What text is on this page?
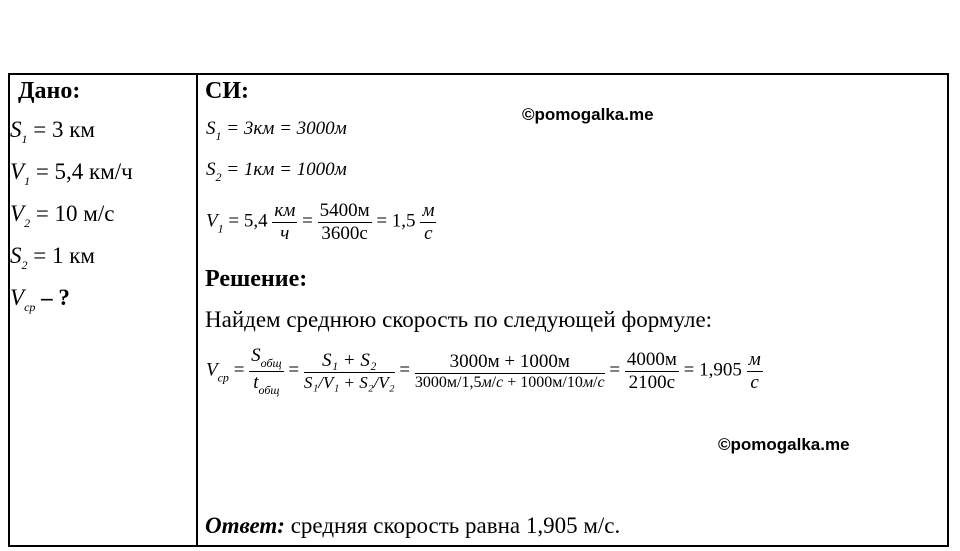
Дано:
$S_1 = 3$ км
$V_1 = 5,4$ км/ч
$V_2 = 10$ м/с
$S_2 = 1$ км
$V_{ср}$ – ?
СИ:
©pomogalka.me
$S_1 = 3км = 3000м$
$S_2 = 1км = 1000м$
$V_1 = 5,4 \frac{км}{ч} = \frac{5400м}{3600с} = 1,5 \frac{м}{с}$
Решение:
Найдем среднюю скорость по следующей формуле:
$V_{ср} = \frac{S_{общ}}{t_{общ}} = \frac{\text{S₁ + S₂}}{\text{S₁/V₁ + S₂/V₂}} = \frac{3000м + 1000м}{3000м/1,5м/с + 1000м/10м/с} = \frac{4000м}{2100с} = 1,905 \frac{м}{с}$
©pomogalka.me
Ответ: средняя скорость равна 1,905 м/с.
